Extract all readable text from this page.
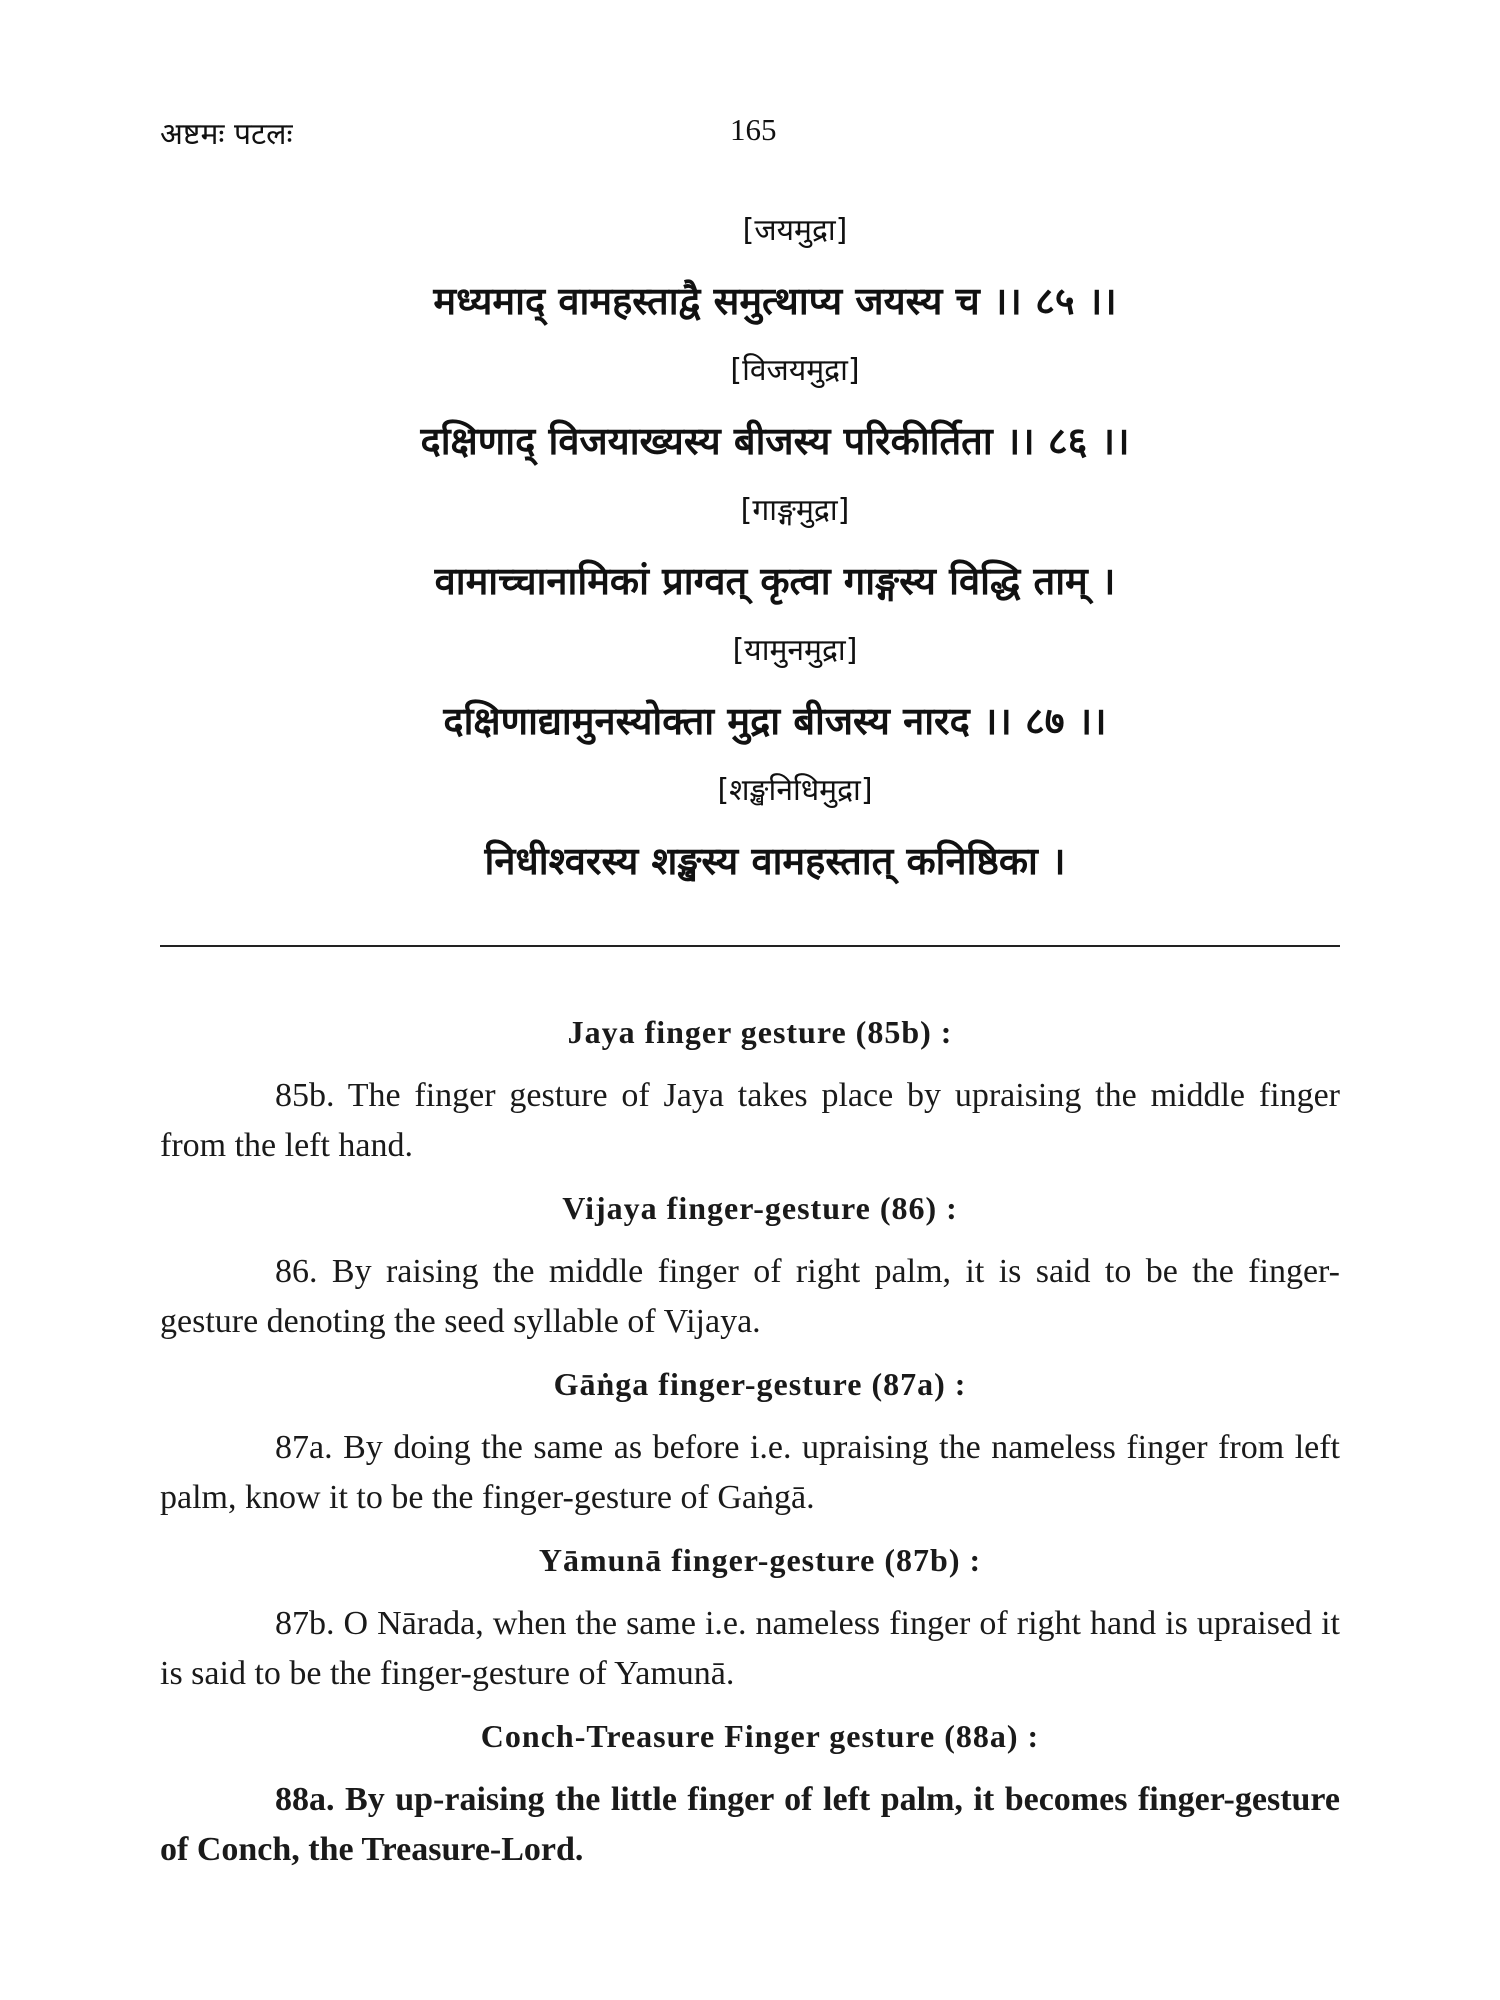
अष्टमः पटलः	165
[जयमुद्रा]
मध्यमाद् वामहस्ताद्वै समुत्थाप्य जयस्य च ।। ८५ ।।
[विजयमुद्रा]
दक्षिणाद् विजयाख्यस्य बीजस्य परिकीर्तिता ।। ८६ ।।
[गाङ्गमुद्रा]
वामाच्चानामिकां प्राग्वत् कृत्वा गाङ्गस्य विद्धि ताम् ।
[यामुनमुद्रा]
दक्षिणाद्यामुनस्योक्ता मुद्रा बीजस्य नारद ।। ८७ ।।
[शङ्खनिधिमुद्रा]
निधीश्वरस्य शङ्खस्य वामहस्तात् कनिष्ठिका ।
Jaya finger gesture (85b) :

85b. The finger gesture of Jaya takes place by upraising the middle finger from the left hand.

Vijaya finger-gesture (86) :

86. By raising the middle finger of right palm, it is said to be the finger-gesture denoting the seed syllable of Vijaya.

Gāṅga finger-gesture (87a) :

87a. By doing the same as before i.e. upraising the nameless finger from left palm, know it to be the finger-gesture of Gaṅgā.

Yāmunā finger-gesture (87b) :

87b. O Nārada, when the same i.e. nameless finger of right hand is upraised it is said to be the finger-gesture of Yamunā.

Conch-Treasure Finger gesture (88a) :

88a. By up-raising the little finger of left palm, it becomes finger-gesture of Conch, the Treasure-Lord.
